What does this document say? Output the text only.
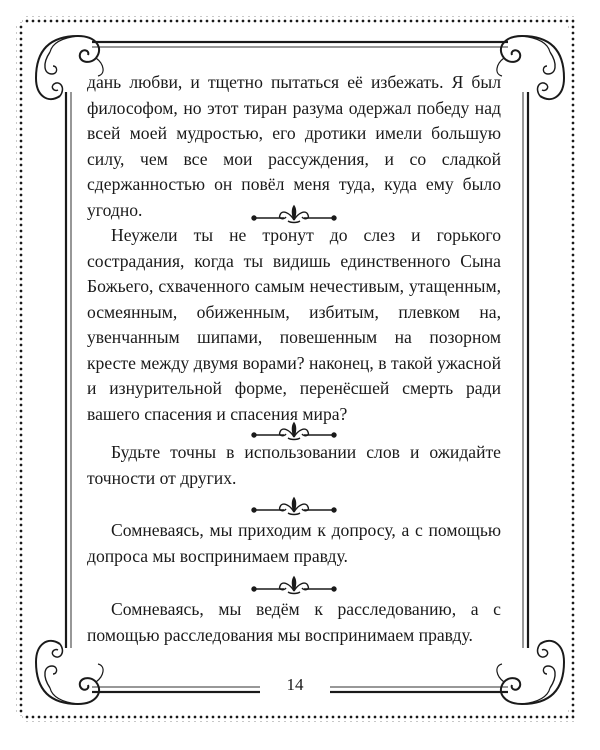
дань любви, и тщетно пытаться её избежать. Я был философом, но этот тиран разума одержал победу над всей моей мудростью, его дротики имели большую силу, чем все мои рассуждения, и со сладкой сдержанностью он повёл меня туда, куда ему было угодно.

Неужели ты не тронут до слез и горького сострадания, когда ты видишь единственного Сына Божьего, схваченного самым нечестивым, утащенным, осмеянным, обиженным, избитым, плевком на, увенчанным шипами, повешенным на позорном кресте между двумя ворами? наконец, в такой ужасной и изнурительной форме, перенёсшей смерть ради вашего спасения и спасения мира?

Будьте точны в использовании слов и ожидайте точности от других.

Сомневаясь, мы приходим к допросу, а с помощью допроса мы воспринимаем правду.

Сомневаясь, мы ведём к расследованию, а с помощью расследования мы воспринимаем правду.

14
